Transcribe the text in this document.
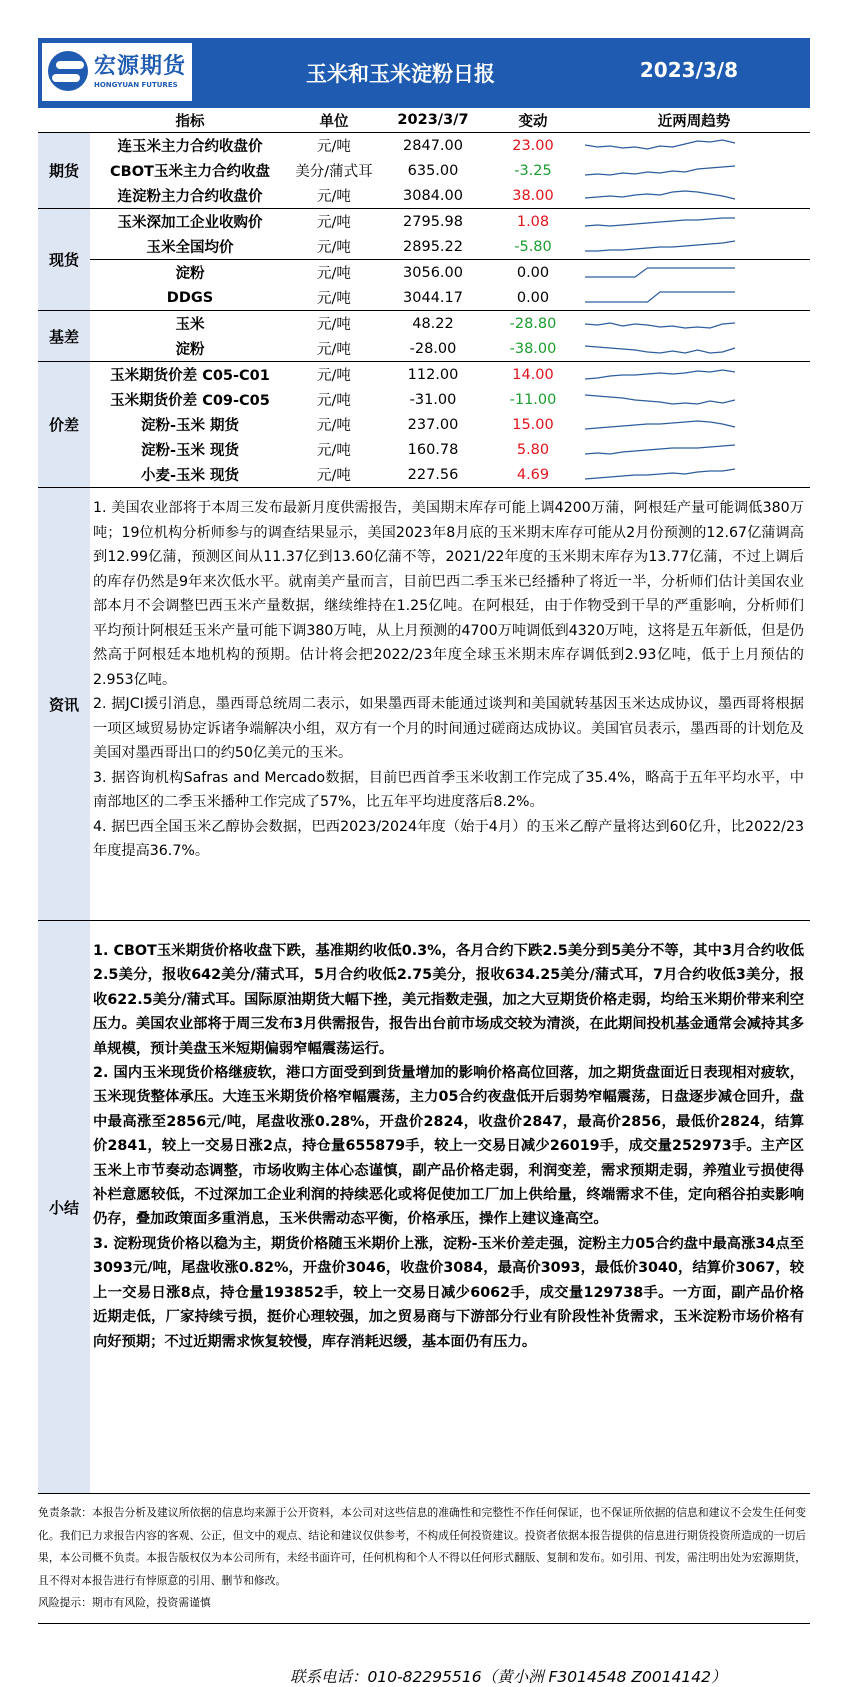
宏源期货
HONGYUAN FUTURES	玉米和玉米淀粉日报	2023/3/8
	指标	单位	2023/3/7	变动	近两周趋势
期货	连玉米主力合约收盘价	元/吨	2847.00	23.00	

	CBOT玉米主力合约收盘	美分/蒲式耳	635.00	-3.25	

	连淀粉主力合约收盘价	元/吨	3084.00	38.00	

现货	玉米深加工企业收购价	元/吨	2795.98	1.08	

	玉米全国均价	元/吨	2895.22	-5.80	

	淀粉	元/吨	3056.00	0.00	

	DDGS	元/吨	3044.17	0.00	

基差	玉米	元/吨	48.22	-28.80	

	淀粉	元/吨	-28.00	-38.00	

价差	玉米期货价差 C05-C01	元/吨	112.00	14.00	

	玉米期货价差 C09-C05	元/吨	-31.00	-11.00	

	淀粉-玉米 期货	元/吨	237.00	15.00	

	淀粉-玉米 现货	元/吨	160.78	5.80	

	小麦-玉米 现货	元/吨	227.56	4.69	
资讯

1. 美国农业部将于本周三发布最新月度供需报告，美国期末库存可能上调4200万蒲，阿根廷产量可能调低380万吨；19位机构分析师参与的调查结果显示，美国2023年8月底的玉米期末库存可能从2月份预测的12.67亿蒲调高到12.99亿蒲，预测区间从11.37亿到13.60亿蒲不等，2021/22年度的玉米期末库存为13.77亿蒲，不过上调后的库存仍然是9年来次低水平。就南美产量而言，目前巴西二季玉米已经播种了将近一半，分析师们估计美国农业部本月不会调整巴西玉米产量数据，继续维持在1.25亿吨。在阿根廷，由于作物受到干旱的严重影响，分析师们平均预计阿根廷玉米产量可能下调380万吨，从上月预测的4700万吨调低到4320万吨，这将是五年新低，但是仍然高于阿根廷本地机构的预期。估计将会把2022/23年度全球玉米期末库存调低到2.93亿吨，低于上月预估的2.953亿吨。

2. 据JCI援引消息，墨西哥总统周二表示，如果墨西哥未能通过谈判和美国就转基因玉米达成协议，墨西哥将根据一项区域贸易协定诉诸争端解决小组，双方有一个月的时间通过磋商达成协议。美国官员表示，墨西哥的计划危及美国对墨西哥出口的约50亿美元的玉米。

3. 据咨询机构Safras and Mercado数据，目前巴西首季玉米收割工作完成了35.4%，略高于五年平均水平，中南部地区的二季玉米播种工作完成了57%，比五年平均进度落后8.2%。

4. 据巴西全国玉米乙醇协会数据，巴西2023/2024年度（始于4月）的玉米乙醇产量将达到60亿升，比2022/23年度提高36.7%。

小结

1. CBOT玉米期货价格收盘下跌，基准期约收低0.3%，各月合约下跌2.5美分到5美分不等，其中3月合约收低2.5美分，报收642美分/蒲式耳，5月合约收低2.75美分，报收634.25美分/蒲式耳，7月合约收低3美分，报收622.5美分/蒲式耳。国际原油期货大幅下挫，美元指数走强，加之大豆期货价格走弱，均给玉米期价带来利空压力。美国农业部将于周三发布3月供需报告，报告出台前市场成交较为清淡，在此期间投机基金通常会减持其多单规模，预计美盘玉米短期偏弱窄幅震荡运行。

2. 国内玉米现货价格继疲软，港口方面受到到货量增加的影响价格高位回落，加之期货盘面近日表现相对疲软，玉米现货整体承压。大连玉米期货价格窄幅震荡，主力05合约夜盘低开后弱势窄幅震荡，日盘逐步减仓回升，盘中最高涨至2856元/吨，尾盘收涨0.28%，开盘价2824，收盘价2847，最高价2856，最低价2824，结算价2841，较上一交易日涨2点，持仓量655879手，较上一交易日减少26019手，成交量252973手。主产区玉米上市节奏动态调整，市场收购主体心态谨慎，副产品价格走弱，利润变差，需求预期走弱，养殖业亏损使得补栏意愿较低，不过深加工企业利润的持续恶化或将促使加工厂加上供给量，终端需求不佳，定向稻谷拍卖影响仍存，叠加政策面多重消息，玉米供需动态平衡，价格承压，操作上建议逢高空。

3. 淀粉现货价格以稳为主，期货价格随玉米期价上涨，淀粉-玉米价差走强，淀粉主力05合约盘中最高涨34点至3093元/吨，尾盘收涨0.82%，开盘价3046，收盘价3084，最高价3093，最低价3040，结算价3067，较上一交易日涨8点，持仓量193852手，较上一交易日减少6062手，成交量129738手。一方面，副产品价格近期走低，厂家持续亏损，挺价心理较强，加之贸易商与下游部分行业有阶段性补货需求，玉米淀粉市场价格有向好预期；不过近期需求恢复较慢，库存消耗迟缓，基本面仍有压力。

免责条款：本报告分析及建议所依据的信息均来源于公开资料，本公司对这些信息的准确性和完整性不作任何保证，也不保证所依据的信息和建议不会发生任何变化。我们已力求报告内容的客观、公正，但文中的观点、结论和建议仅供参考，不构成任何投资建议。投资者依据本报告提供的信息进行期货投资所造成的一切后果，本公司概不负责。本报告版权仅为本公司所有，未经书面许可，任何机构和个人不得以任何形式翻版、复制和发布。如引用、刊发，需注明出处为宏源期货，且不得对本报告进行有悖原意的引用、删节和修改。

风险提示：期市有风险，投资需谨慎

联系电话：010-82295516（黄小洲 F3014548 Z0014142）
